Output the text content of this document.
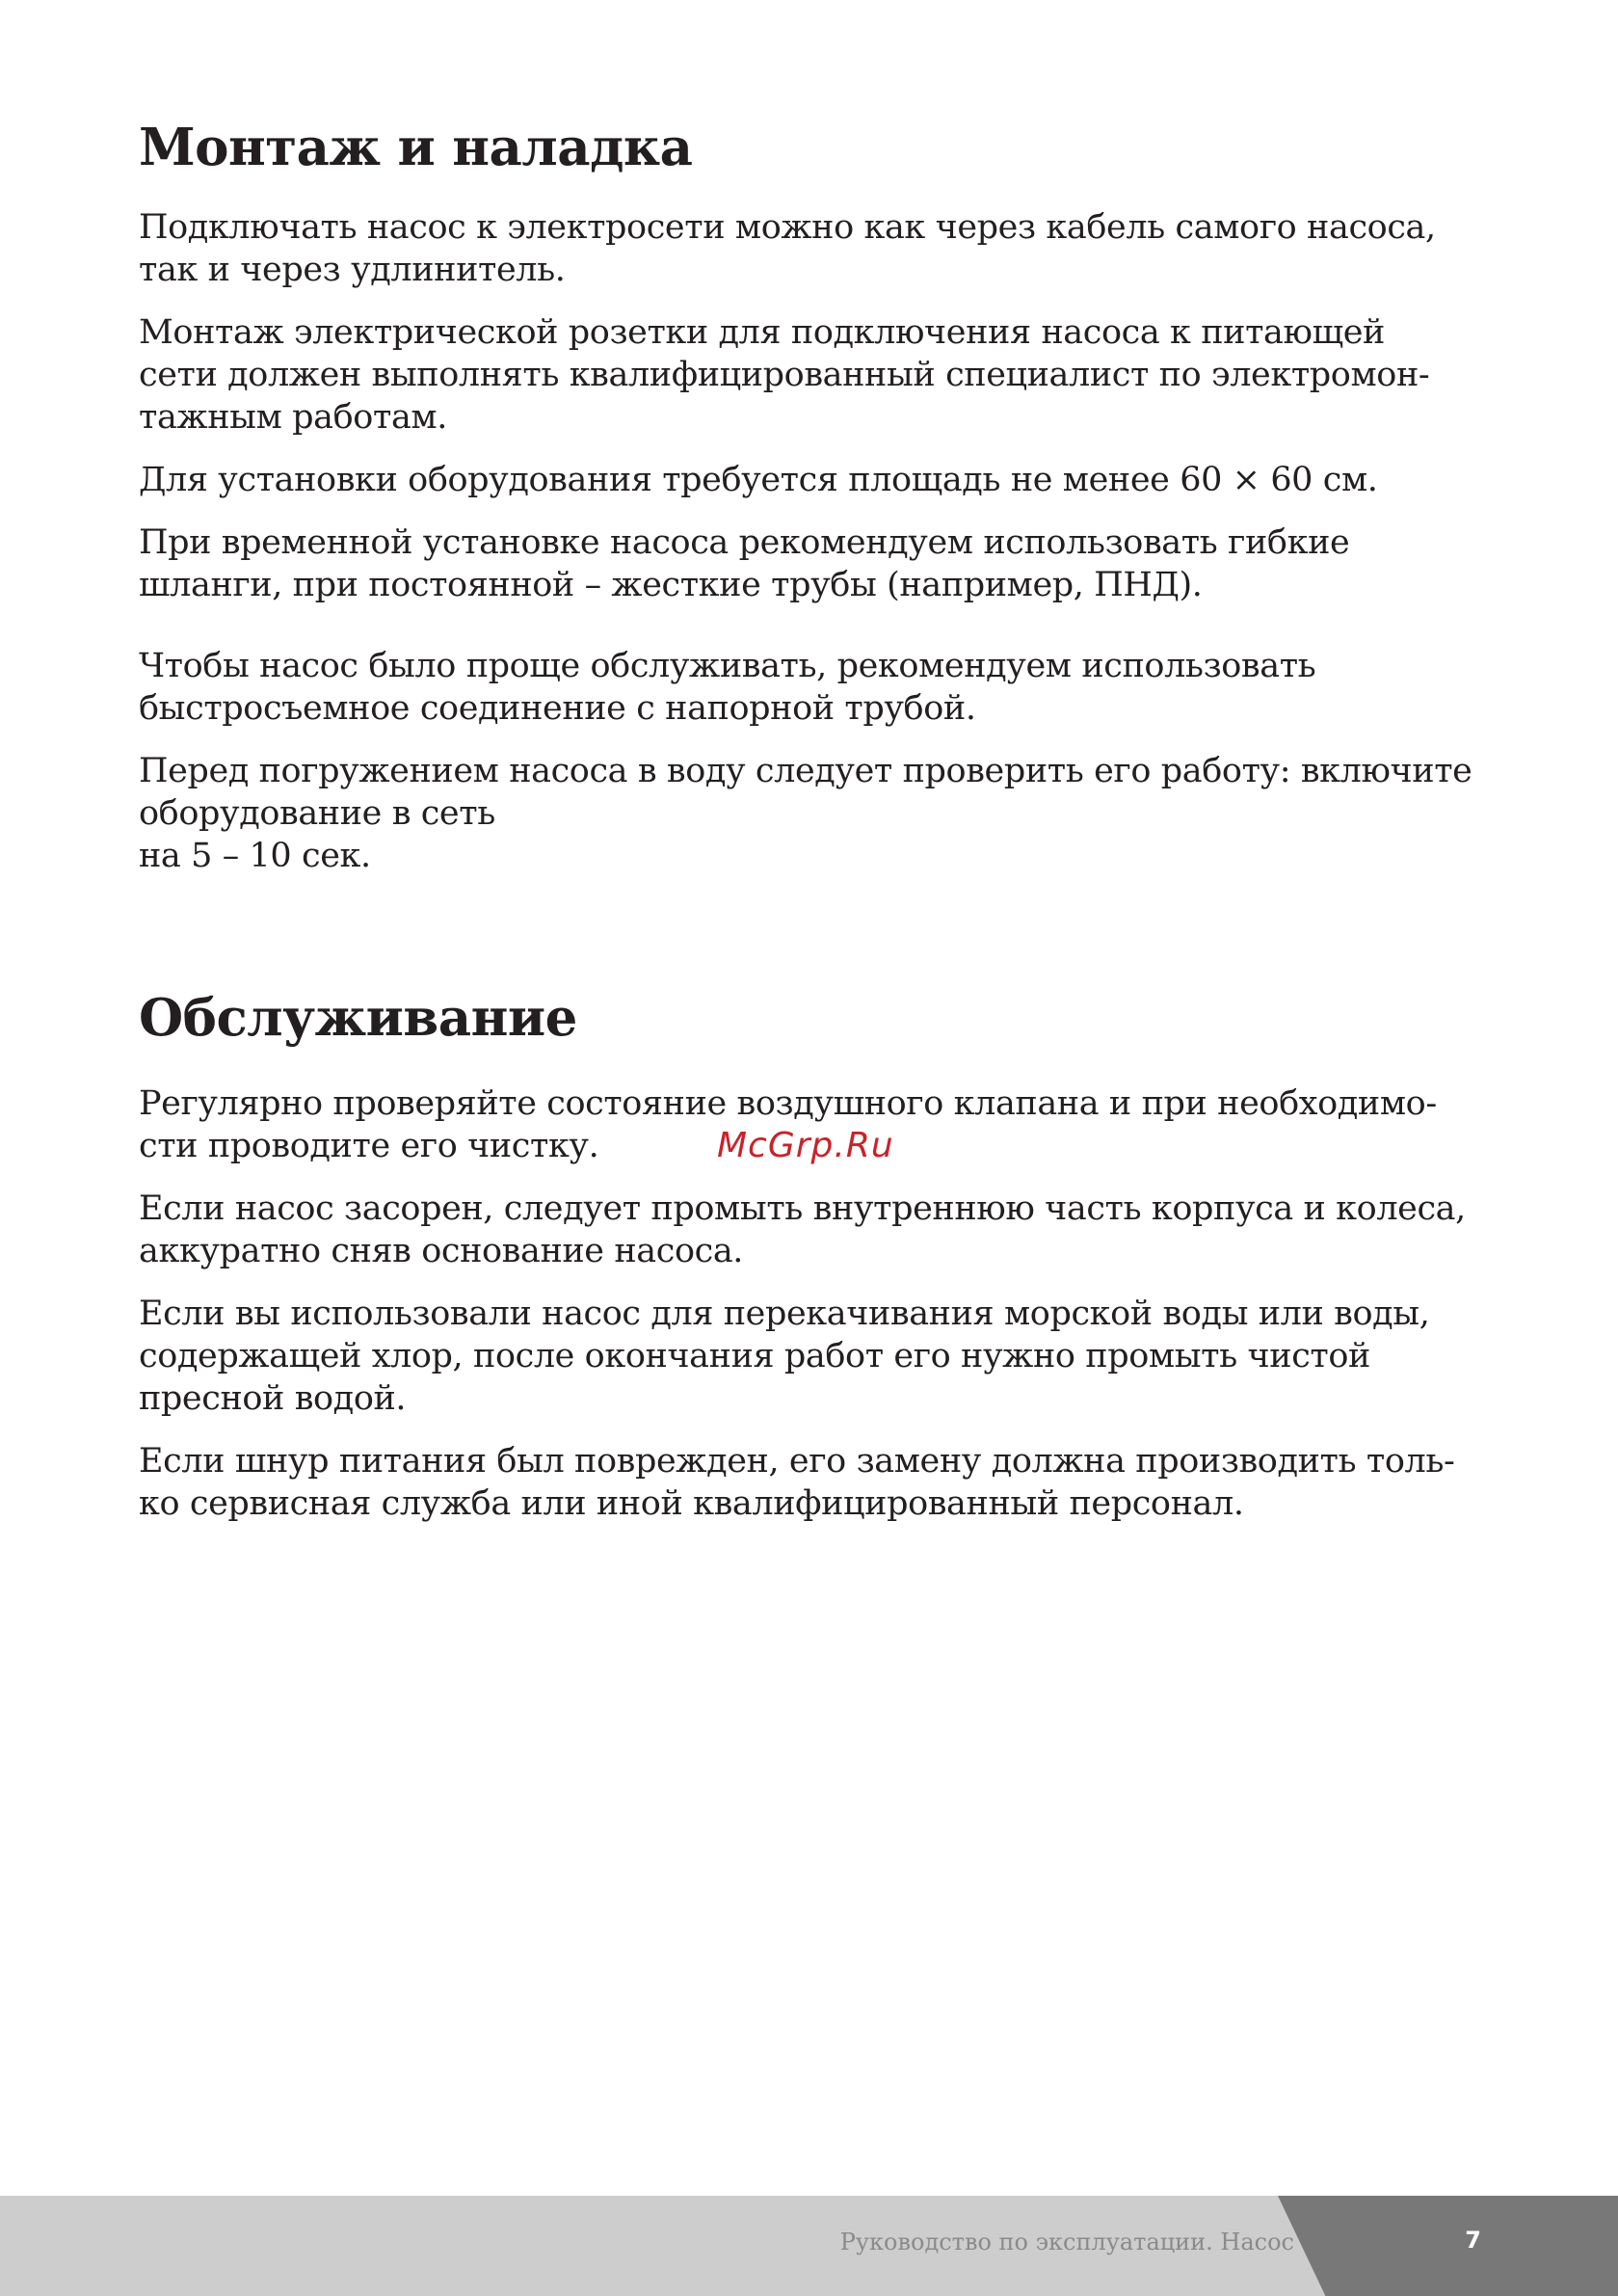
Монтаж и наладка

Подключать насос к электросети можно как через кабель самого насоса,
так и через удлинитель.

Монтаж электрической розетки для подключения насоса к питающей
сети должен выполнять квалифицированный специалист по электромон-
тажным работам.

Для установки оборудования требуется площадь не менее 60 × 60 см.

При временной установке насоса рекомендуем использовать гибкие
шланги, при постоянной – жесткие трубы (например, ПНД).

Чтобы насос было проще обслуживать, рекомендуем использовать
быстросъемное соединение с напорной трубой.

Перед погружением насоса в воду следует проверить его работу: включите
оборудование в сеть
на 5 – 10 сек.

Обслуживание

Регулярно проверяйте состояние воздушного клапана и при необходимо-
сти проводите его чистку.

Если насос засорен, следует промыть внутреннюю часть корпуса и колеса,
аккуратно сняв основание насоса.

Если вы использовали насос для перекачивания морской воды или воды,
содержащей хлор, после окончания работ его нужно промыть чистой
пресной водой.

Если шнур питания был поврежден, его замену должна производить толь-
ко сервисная служба или иной квалифицированный персонал.

McGrp.Ru
Руководство по эксплуатации. Насос	7
